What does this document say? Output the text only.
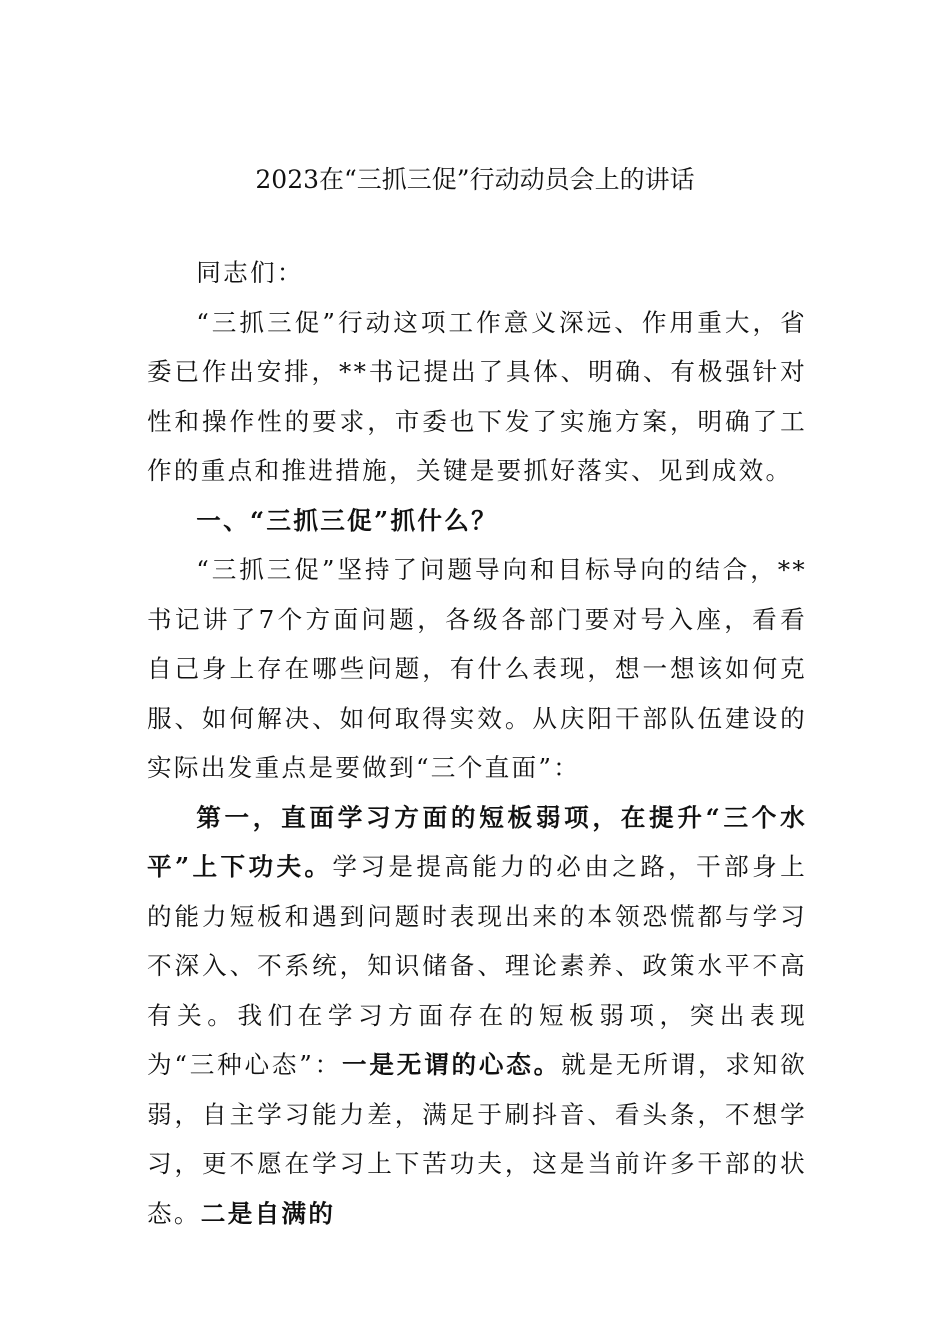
2023在“三抓三促”行动动员会上的讲话

同志们：

“三抓三促”行动这项工作意义深远、作用重大，省委已作出安排，**书记提出了具体、明确、有极强针对性和操作性的要求，市委也下发了实施方案，明确了工作的重点和推进措施，关键是要抓好落实、见到成效。

一、“三抓三促”抓什么？

“三抓三促”坚持了问题导向和目标导向的结合，**书记讲了7个方面问题，各级各部门要对号入座，看看自己身上存在哪些问题，有什么表现，想一想该如何克服、如何解决、如何取得实效。从庆阳干部队伍建设的实际出发重点是要做到“三个直面”：

第一，直面学习方面的短板弱项，在提升“三个水平”上下功夫。学习是提高能力的必由之路，干部身上的能力短板和遇到问题时表现出来的本领恐慌都与学习不深入、不系统，知识储备、理论素养、政策水平不高有关。我们在学习方面存在的短板弱项，突出表现为“三种心态”：一是无谓的心态。就是无所谓，求知欲弱，自主学习能力差，满足于刷抖音、看头条，不想学习，更不愿在学习上下苦功夫，这是当前许多干部的状态。二是自满的
